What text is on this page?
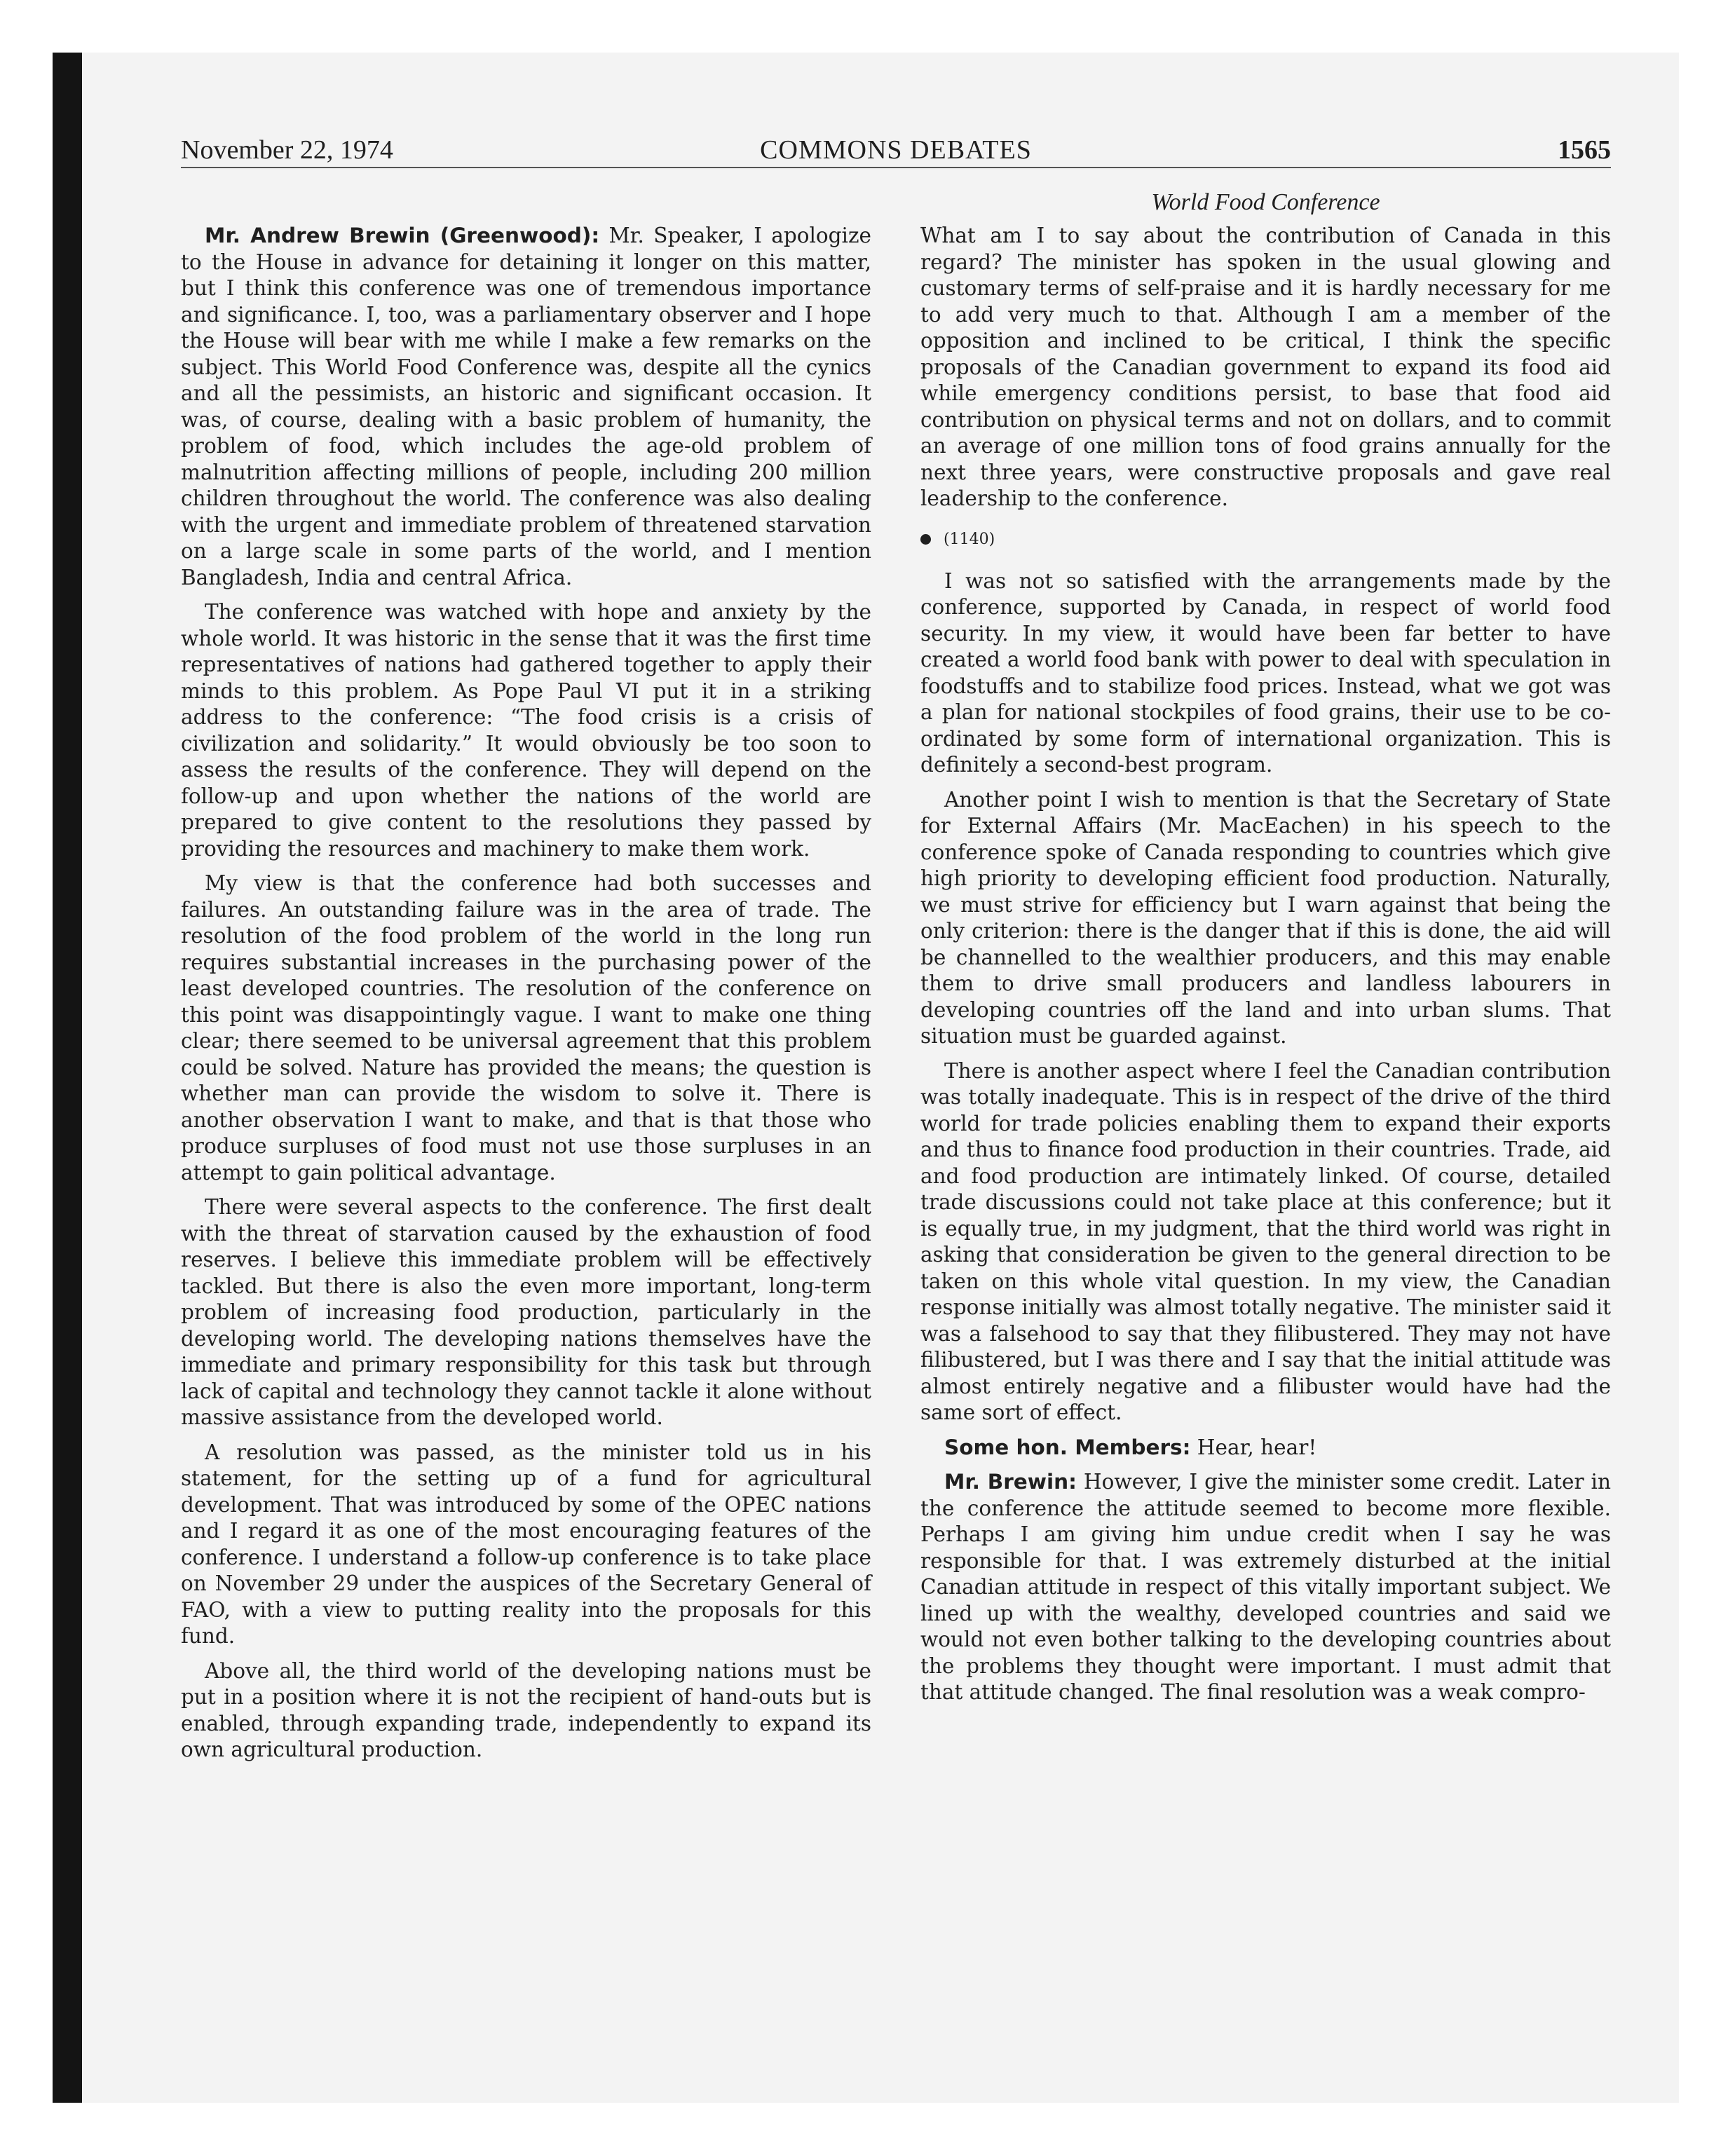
November 22, 1974	COMMONS DEBATES	1565

Mr. Andrew Brewin (Greenwood): Mr. Speaker, I apologize to the House in advance for detaining it longer on this matter, but I think this conference was one of tremendous importance and significance. I, too, was a parliamentary observer and I hope the House will bear with me while I make a few remarks on the subject. This World Food Conference was, despite all the cynics and all the pessimists, an historic and significant occasion. It was, of course, dealing with a basic problem of humanity, the problem of food, which includes the age-old problem of malnutrition affecting millions of people, including 200 million children throughout the world. The conference was also dealing with the urgent and immediate problem of threatened starvation on a large scale in some parts of the world, and I mention Bangladesh, India and central Africa.

The conference was watched with hope and anxiety by the whole world. It was historic in the sense that it was the first time representatives of nations had gathered together to apply their minds to this problem. As Pope Paul VI put it in a striking address to the conference: “The food crisis is a crisis of civilization and solidarity.” It would obviously be too soon to assess the results of the conference. They will depend on the follow-up and upon whether the nations of the world are prepared to give content to the resolutions they passed by providing the resources and machinery to make them work.

My view is that the conference had both successes and failures. An outstanding failure was in the area of trade. The resolution of the food problem of the world in the long run requires substantial increases in the purchasing power of the least developed countries. The resolution of the conference on this point was disappointingly vague. I want to make one thing clear; there seemed to be universal agreement that this problem could be solved. Nature has provided the means; the question is whether man can provide the wisdom to solve it. There is another observation I want to make, and that is that those who produce surpluses of food must not use those surpluses in an attempt to gain political advantage.

There were several aspects to the conference. The first dealt with the threat of starvation caused by the exhaustion of food reserves. I believe this immediate problem will be effectively tackled. But there is also the even more important, long-term problem of increasing food production, particularly in the developing world. The developing nations themselves have the immediate and primary responsibility for this task but through lack of capital and technology they cannot tackle it alone without massive assistance from the developed world.

A resolution was passed, as the minister told us in his statement, for the setting up of a fund for agricultural development. That was introduced by some of the OPEC nations and I regard it as one of the most encouraging features of the conference. I understand a follow-up conference is to take place on November 29 under the auspices of the Secretary General of FAO, with a view to putting reality into the proposals for this fund.

Above all, the third world of the developing nations must be put in a position where it is not the recipient of hand-outs but is enabled, through expanding trade, independently to expand its own agricultural production.

World Food Conference

What am I to say about the contribution of Canada in this regard? The minister has spoken in the usual glowing and customary terms of self-praise and it is hardly necessary for me to add very much to that. Although I am a member of the opposition and inclined to be critical, I think the specific proposals of the Canadian government to expand its food aid while emergency conditions persist, to base that food aid contribution on physical terms and not on dollars, and to commit an average of one million tons of food grains annually for the next three years, were constructive proposals and gave real leadership to the conference.

(1140)

I was not so satisfied with the arrangements made by the conference, supported by Canada, in respect of world food security. In my view, it would have been far better to have created a world food bank with power to deal with speculation in foodstuffs and to stabilize food prices. Instead, what we got was a plan for national stockpiles of food grains, their use to be co-ordinated by some form of international organization. This is definitely a second-best program.

Another point I wish to mention is that the Secretary of State for External Affairs (Mr. MacEachen) in his speech to the conference spoke of Canada responding to countries which give high priority to developing efficient food production. Naturally, we must strive for efficiency but I warn against that being the only criterion: there is the danger that if this is done, the aid will be channelled to the wealthier producers, and this may enable them to drive small producers and landless labourers in developing countries off the land and into urban slums. That situation must be guarded against.

There is another aspect where I feel the Canadian contribution was totally inadequate. This is in respect of the drive of the third world for trade policies enabling them to expand their exports and thus to finance food production in their countries. Trade, aid and food production are intimately linked. Of course, detailed trade discussions could not take place at this conference; but it is equally true, in my judgment, that the third world was right in asking that consideration be given to the general direction to be taken on this whole vital question. In my view, the Canadian response initially was almost totally negative. The minister said it was a falsehood to say that they filibustered. They may not have filibustered, but I was there and I say that the initial attitude was almost entirely negative and a filibuster would have had the same sort of effect.

Some hon. Members: Hear, hear!

Mr. Brewin: However, I give the minister some credit. Later in the conference the attitude seemed to become more flexible. Perhaps I am giving him undue credit when I say he was responsible for that. I was extremely disturbed at the initial Canadian attitude in respect of this vitally important subject. We lined up with the wealthy, developed countries and said we would not even bother talking to the developing countries about the problems they thought were important. I must admit that that attitude changed. The final resolution was a weak compro-
